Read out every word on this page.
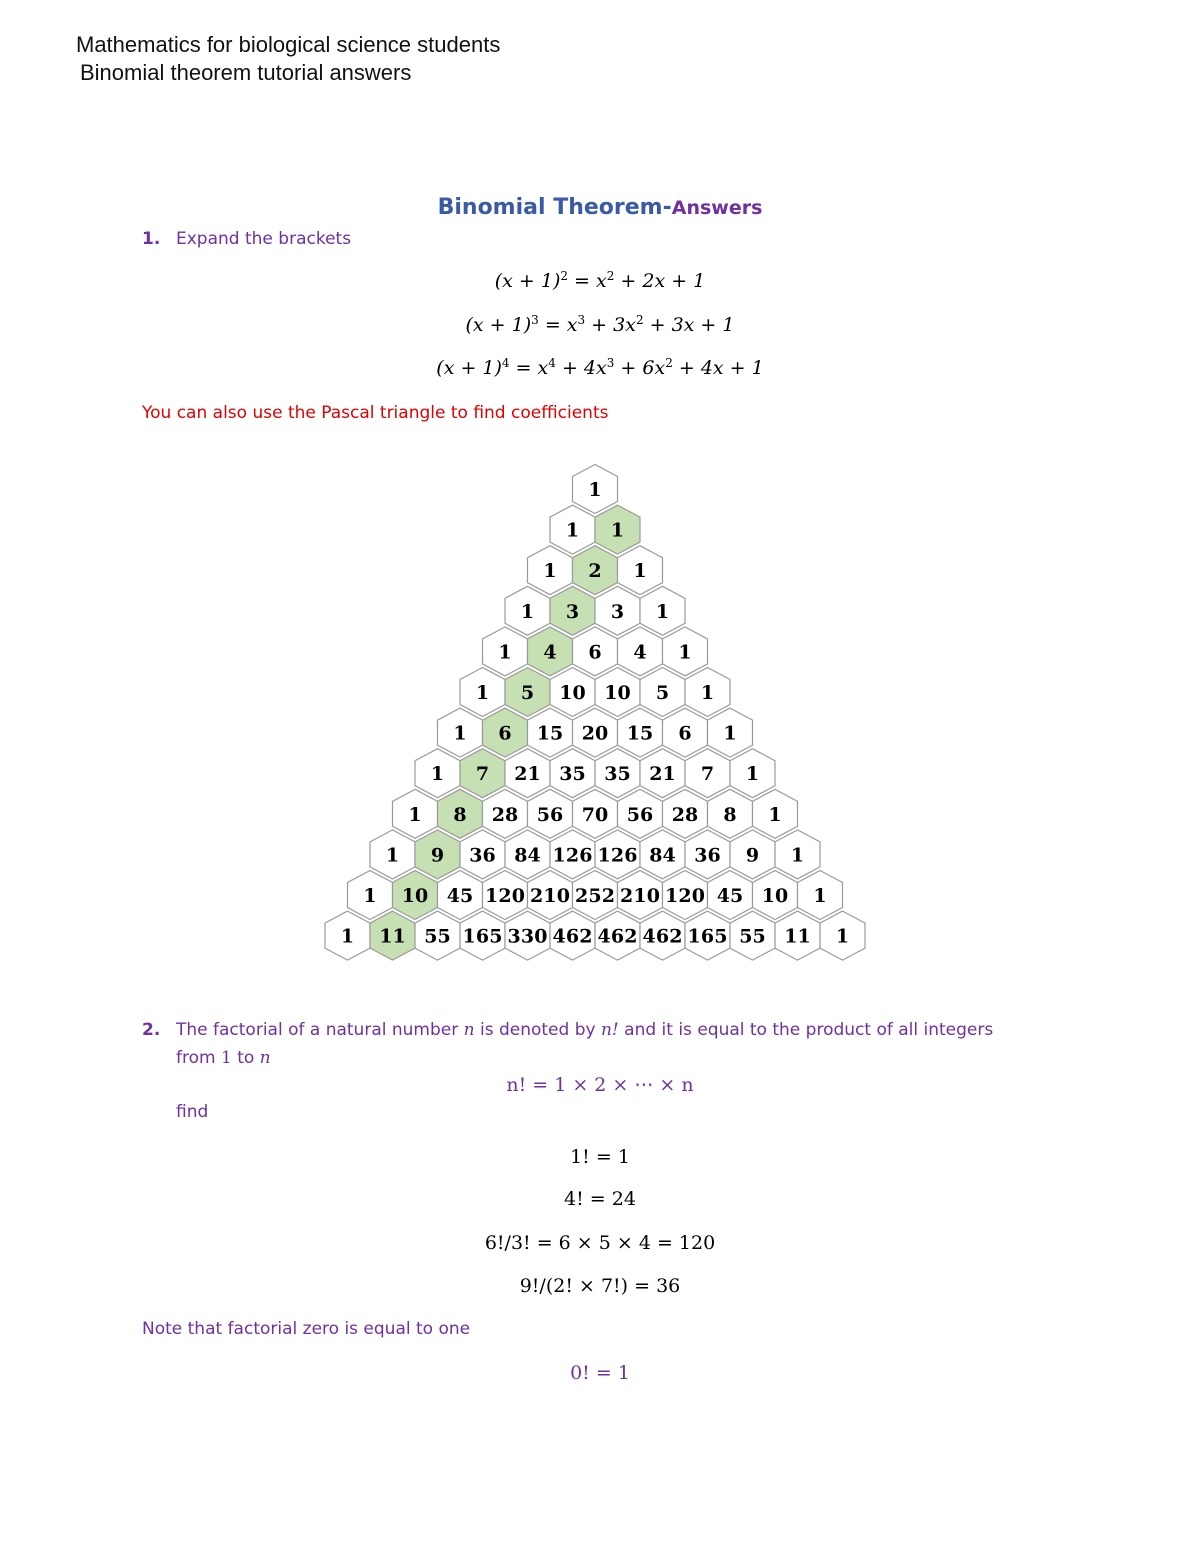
Mathematics for biological science students
Binomial theorem tutorial answers
Binomial Theorem-Answers
1. Expand the brackets
$(x + 1)^2 = x^2 + 2x + 1$
$(x + 1)^3 = x^3 + 3x^2 + 3x + 1$
$(x + 1)^4 = x^4 + 4x^3 + 6x^2 + 4x + 1$
You can also use the Pascal triangle to find coefficients
1
1 1
1 2 1
1 3 3 1
1 4 6 4 1
1 5 10 10 5 1
1 6 15 20 15 6 1
1 7 21 35 35 21 7 1
1 8 28 56 70 56 28 8 1
1 9 36 84 126 126 84 36 9 1
1 10 45 120 210 252 210 120 45 10 1
1 11 55 165 330 462 462 462 165 55 11 1
2. The factorial of a natural number n is denoted by n! and it is equal to the product of all integers
from 1 to n
n! = 1 × 2 × ⋯ × n
find
1! = 1
4! = 24
6!/3! = 6 × 5 × 4 = 120
9!/(2! × 7!) = 36
Note that factorial zero is equal to one
0! = 1
